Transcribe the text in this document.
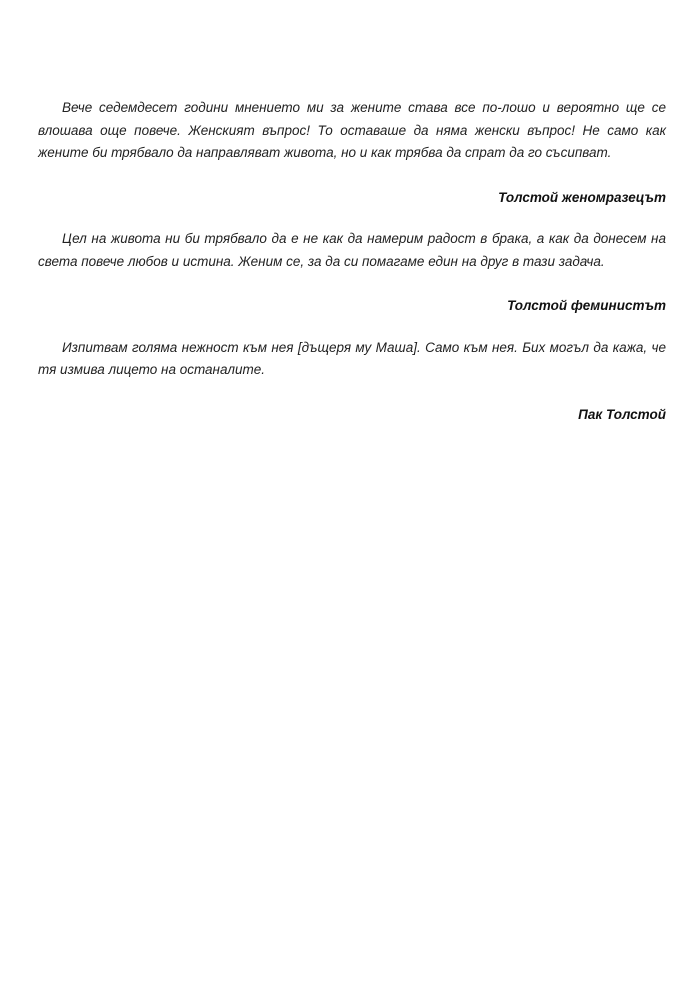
Вече седемдесет години мнението ми за жените става все по-лошо и вероятно ще се влошава още повече. Женският въпрос! То оставаше да няма женски въпрос! Не само как жените би трябвало да направляват живота, но и как трябва да спрат да го съсипват.

Толстой женомразецът

Цел на живота ни би трябвало да е не как да намерим радост в брака, а как да донесем на света повече любов и истина. Женим се, за да си помагаме един на друг в тази задача.

Толстой феминистът

Изпитвам голяма нежност към нея [дъщеря му Маша]. Само към нея. Бих могъл да кажа, че тя измива лицето на останалите.

Пак Толстой
